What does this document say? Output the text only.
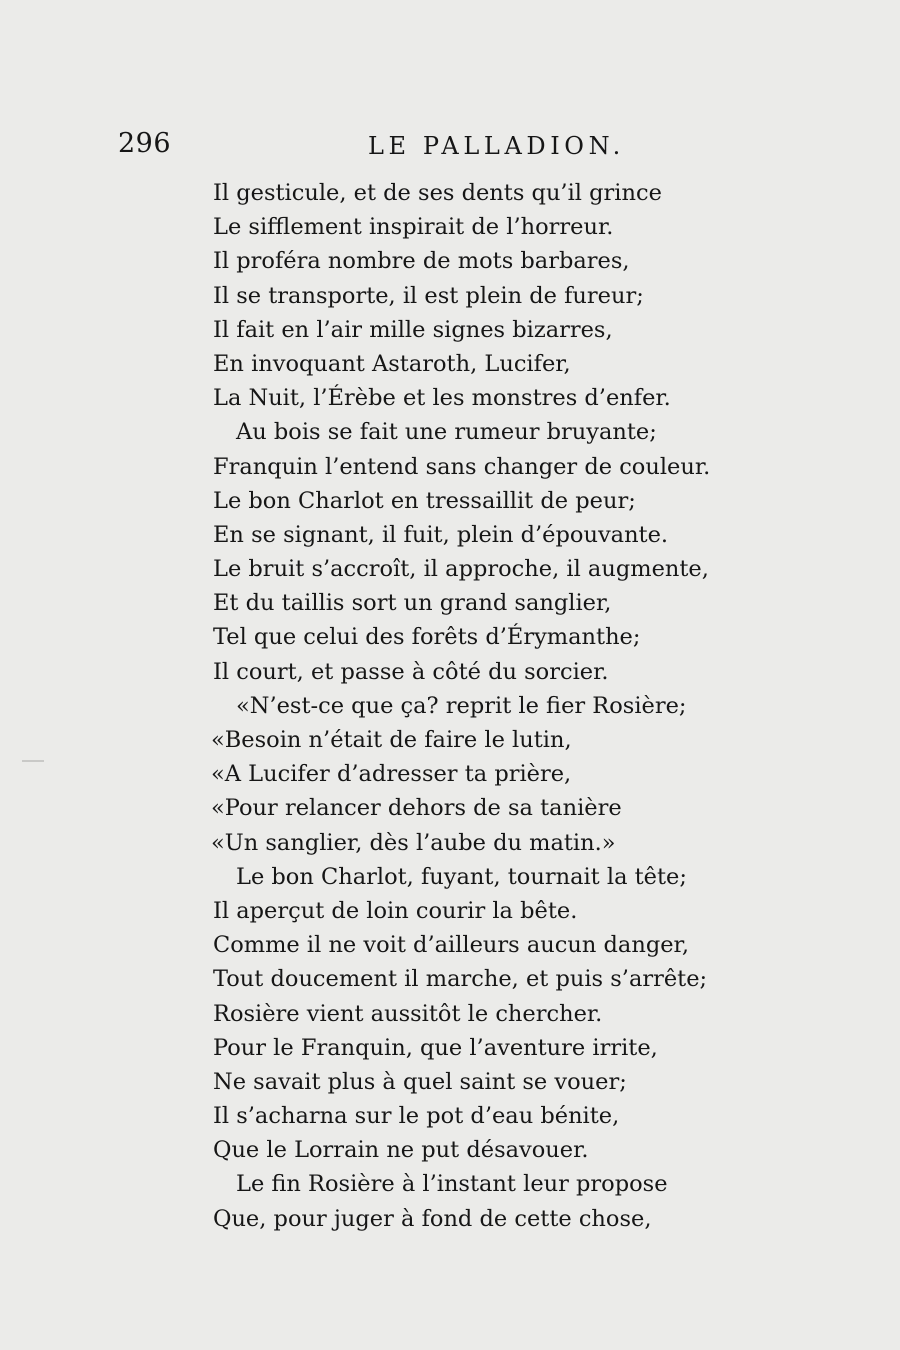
296	LE PALLADION.
Il gesticule, et de ses dents qu’il grince
Le sifflement inspirait de l’horreur.
Il proféra nombre de mots barbares,
Il se transporte, il est plein de fureur;
Il fait en l’air mille signes bizarres,
En invoquant Astaroth, Lucifer,
La Nuit, l’Érèbe et les monstres d’enfer.
Au bois se fait une rumeur bruyante;
Franquin l’entend sans changer de couleur.
Le bon Charlot en tressaillit de peur;
En se signant, il fuit, plein d’épouvante.
Le bruit s’accroît, il approche, il augmente,
Et du taillis sort un grand sanglier,
Tel que celui des forêts d’Érymanthe;
Il court, et passe à côté du sorcier.
«N’est-ce que ça? reprit le fier Rosière;
«Besoin n’était de faire le lutin,
«A Lucifer d’adresser ta prière,
«Pour relancer dehors de sa tanière
«Un sanglier, dès l’aube du matin.»
Le bon Charlot, fuyant, tournait la tête;
Il aperçut de loin courir la bête.
Comme il ne voit d’ailleurs aucun danger,
Tout doucement il marche, et puis s’arrête;
Rosière vient aussitôt le chercher.
Pour le Franquin, que l’aventure irrite,
Ne savait plus à quel saint se vouer;
Il s’acharna sur le pot d’eau bénite,
Que le Lorrain ne put désavouer.
Le fin Rosière à l’instant leur propose
Que, pour juger à fond de cette chose,
